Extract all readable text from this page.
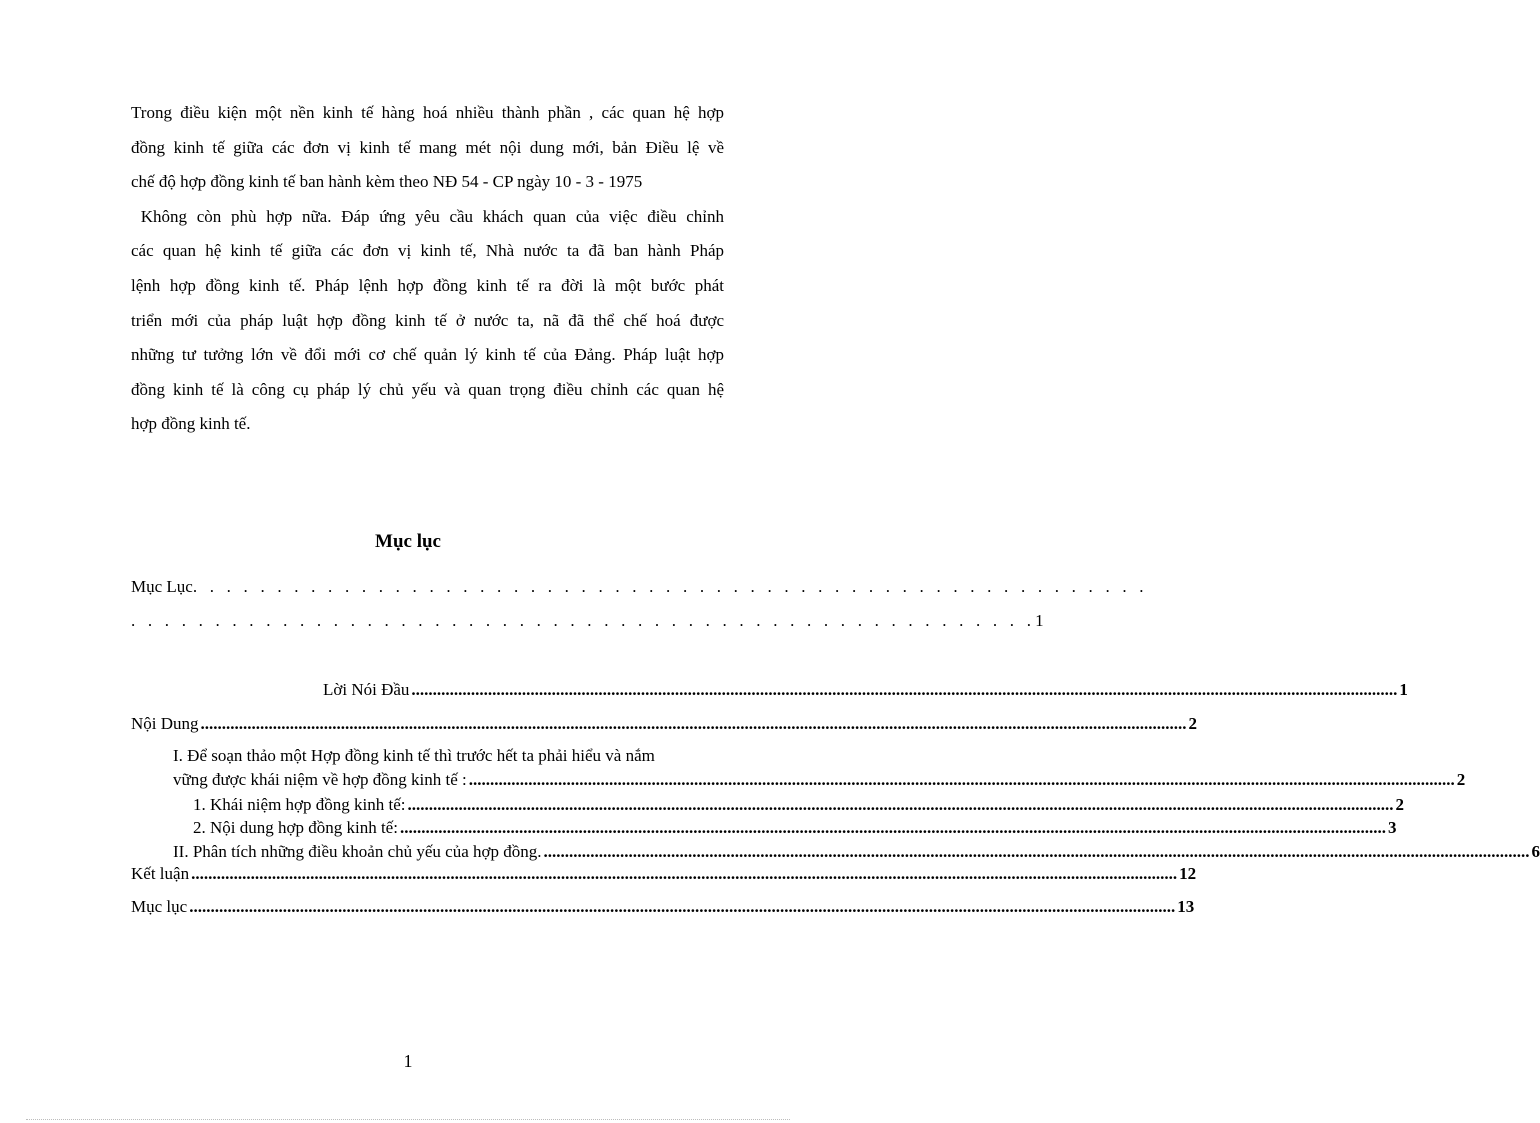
Trong điều kiện một nền kinh tế hàng hoá nhiều thành phần , các quan hệ hợp
đồng kinh tế giữa các đơn vị kinh tế mang mét nội dung mới, bản Điều lệ về
chế độ hợp đồng kinh tế ban hành kèm theo NĐ 54 - CP ngày 10 - 3 - 1975
Không còn phù hợp nữa. Đáp ứng yêu cầu khách quan của việc điều chỉnh
các quan hệ kinh tế giữa các đơn vị kinh tế, Nhà nước ta đã ban hành Pháp
lệnh hợp đồng kinh tế. Pháp lệnh hợp đồng kinh tế ra đời là một bước phát
triển mới của pháp luật hợp đồng kinh tế ở nước ta, nã đã thể chế hoá được
những tư tưởng lớn về đổi mới cơ chế quản lý kinh tế của Đảng. Pháp luật hợp
đồng kinh tế là công cụ pháp lý chủ yếu và quan trọng điều chỉnh các quan hệ
hợp đồng kinh tế.
Mục lục
Mục Lục. . . . . . . . . . . . . . . . . . . . . . . . . . . . . . . . . . . . . . . . . . . . . . . . . . . . . . . . .
. . . . . . . . . . . . . . . . . . . . . . . . . . . . . . . . . . . . . . . . . . . . . . . . . . . . . .1
Lời Nói Đầu .....	1
Nội Dung .....	2
I. Để soạn thảo một Hợp đồng kinh tế thì trước hết ta phải hiểu và nắm
vững được khái niệm về hợp đồng kinh tế : .....	2
1. Khái niệm hợp đồng kinh tế: .....	2
2. Nội dung hợp đồng kinh tế: .....	3
II. Phân tích những điều khoản chủ yếu của hợp đồng. .....	6
Kết luận .....	12
Mục lục .....	13
1
